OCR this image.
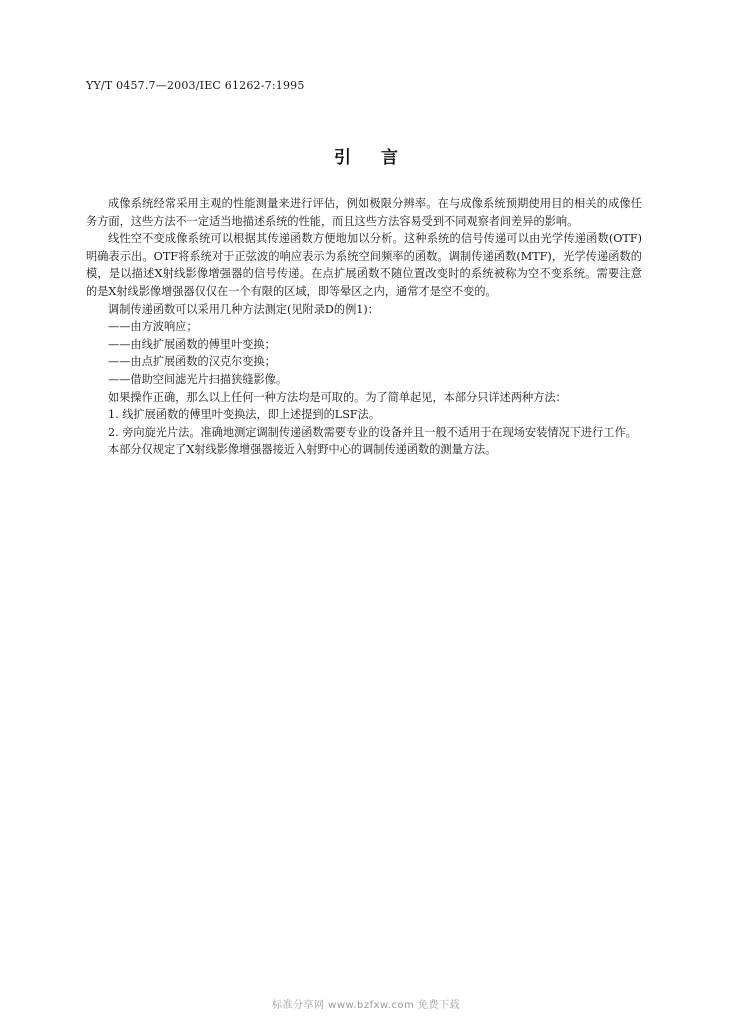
YY/T 0457.7—2003/IEC 61262-7:1995
引言

成像系统经常采用主观的性能测量来进行评估，例如极限分辨率。在与成像系统预期使用目的相关的成像任务方面，这些方法不一定适当地描述系统的性能，而且这些方法容易受到不同观察者间差异的影响。

线性空不变成像系统可以根据其传递函数方便地加以分析。这种系统的信号传递可以由光学传递函数(OTF)明确表示出。OTF将系统对于正弦波的响应表示为系统空间频率的函数。调制传递函数(MTF)，光学传递函数的模，是以描述X射线影像增强器的信号传递。在点扩展函数不随位置改变时的系统被称为空不变系统。需要注意的是X射线影像增强器仅仅在一个有限的区域，即等晕区之内，通常才是空不变的。

调制传递函数可以采用几种方法测定(见附录D的例1)：

——由方波响应；

——由线扩展函数的傅里叶变换；

——由点扩展函数的汉克尔变换；

——借助空间滤光片扫描狭缝影像。

如果操作正确，那么以上任何一种方法均是可取的。为了简单起见，本部分只详述两种方法：

1. 线扩展函数的傅里叶变换法，即上述提到的LSF法。

2. 旁向旋光片法。准确地测定调制传递函数需要专业的设备并且一般不适用于在现场安装情况下进行工作。

本部分仅规定了X射线影像增强器接近入射野中心的调制传递函数的测量方法。

标准分享网 www.bzfxw.com 免费下载
